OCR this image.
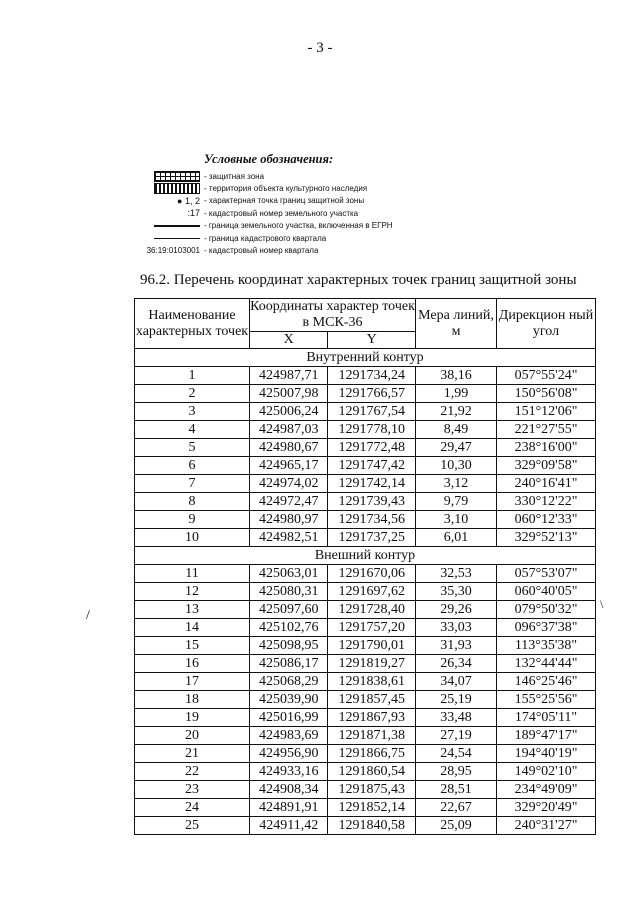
- 3 -
Условные обозначения:
- защитная зона
- территория объекта культурного наследия
● 1, 2 - характерная точка границ защитной зоны
:17 - кадастровый номер земельного участка
- граница земельного участка, включенная в ЕГРН
- граница кадастрового квартала
36:19:0103001 - кадастровый номер квартала
96.2. Перечень координат характерных точек границ защитной зоны
Наименование характерных точек	Координаты характер точек в МСК-36		Мера линий, м	Дирекцион ный угол
	X	Y		
Внутренний контур				
1	424987,71	1291734,24	38,16	057°55'24"
2	425007,98	1291766,57	1,99	150°56'08"
3	425006,24	1291767,54	21,92	151°12'06"
4	424987,03	1291778,10	8,49	221°27'55"
5	424980,67	1291772,48	29,47	238°16'00"
6	424965,17	1291747,42	10,30	329°09'58"
7	424974,02	1291742,14	3,12	240°16'41"
8	424972,47	1291739,43	9,79	330°12'22"
9	424980,97	1291734,56	3,10	060°12'33"
10	424982,51	1291737,25	6,01	329°52'13"
Внешний контур				
11	425063,01	1291670,06	32,53	057°53'07"
12	425080,31	1291697,62	35,30	060°40'05"
13	425097,60	1291728,40	29,26	079°50'32"
14	425102,76	1291757,20	33,03	096°37'38"
15	425098,95	1291790,01	31,93	113°35'38"
16	425086,17	1291819,27	26,34	132°44'44"
17	425068,29	1291838,61	34,07	146°25'46"
18	425039,90	1291857,45	25,19	155°25'56"
19	425016,99	1291867,93	33,48	174°05'11"
20	424983,69	1291871,38	27,19	189°47'17"
21	424956,90	1291866,75	24,54	194°40'19"
22	424933,16	1291860,54	28,95	149°02'10"
23	424908,34	1291875,43	28,51	234°49'09"
24	424891,91	1291852,14	22,67	329°20'49"
25	424911,42	1291840,58	25,09	240°31'27"
/
\
